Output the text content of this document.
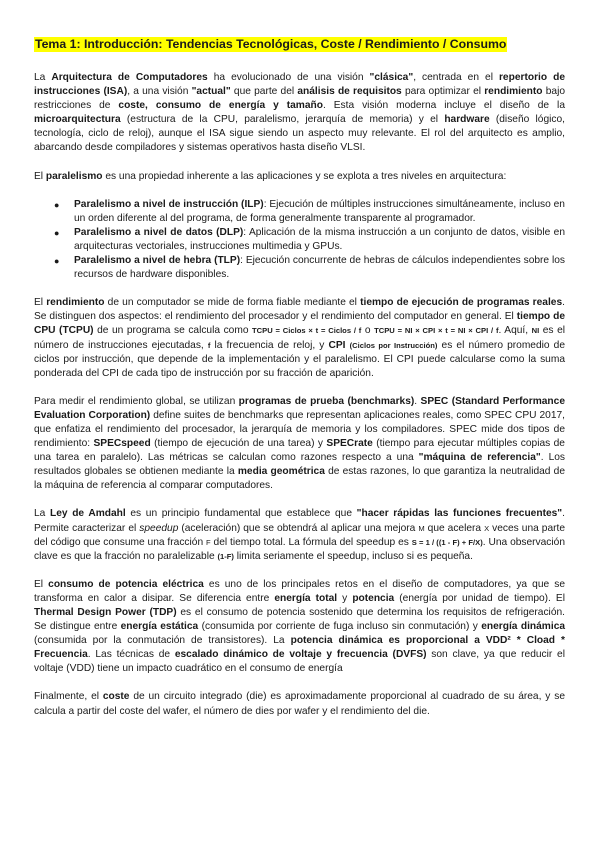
Tema 1: Introducción: Tendencias Tecnológicas, Coste / Rendimiento / Consumo

La Arquitectura de Computadores ha evolucionado de una visión "clásica", centrada en el repertorio de instrucciones (ISA), a una visión "actual" que parte del análisis de requisitos para optimizar el rendimiento bajo restricciones de coste, consumo de energía y tamaño. Esta visión moderna incluye el diseño de la microarquitectura (estructura de la CPU, paralelismo, jerarquía de memoria) y el hardware (diseño lógico, tecnología, ciclo de reloj), aunque el ISA sigue siendo un aspecto muy relevante. El rol del arquitecto es amplio, abarcando desde compiladores y sistemas operativos hasta diseño VLSI.

El paralelismo es una propiedad inherente a las aplicaciones y se explota a tres niveles en arquitectura:

● Paralelismo a nivel de instrucción (ILP): Ejecución de múltiples instrucciones simultáneamente, incluso en un orden diferente al del programa, de forma generalmente transparente al programador.
● Paralelismo a nivel de datos (DLP): Aplicación de la misma instrucción a un conjunto de datos, visible en arquitecturas vectoriales, instrucciones multimedia y GPUs.
● Paralelismo a nivel de hebra (TLP): Ejecución concurrente de hebras de cálculos independientes sobre los recursos de hardware disponibles.

El rendimiento de un computador se mide de forma fiable mediante el tiempo de ejecución de programas reales. Se distinguen dos aspectos: el rendimiento del procesador y el rendimiento del computador en general. El tiempo de CPU (TCPU) de un programa se calcula como TCPU = Ciclos × t = Ciclos / f o TCPU = NI × CPI × t = NI × CPI / f. Aquí, NI es el número de instrucciones ejecutadas, f la frecuencia de reloj, y CPI (Ciclos por Instrucción) es el número promedio de ciclos por instrucción, que depende de la implementación y el paralelismo. El CPI puede calcularse como la suma ponderada del CPI de cada tipo de instrucción por su fracción de aparición.

Para medir el rendimiento global, se utilizan programas de prueba (benchmarks). SPEC (Standard Performance Evaluation Corporation) define suites de benchmarks que representan aplicaciones reales, como SPEC CPU 2017, que enfatiza el rendimiento del procesador, la jerarquía de memoria y los compiladores. SPEC mide dos tipos de rendimiento: SPECspeed (tiempo de ejecución de una tarea) y SPECrate (tiempo para ejecutar múltiples copias de una tarea en paralelo). Las métricas se calculan como razones respecto a una "máquina de referencia". Los resultados globales se obtienen mediante la media geométrica de estas razones, lo que garantiza la neutralidad de la máquina de referencia al comparar computadores.

La Ley de Amdahl es un principio fundamental que establece que "hacer rápidas las funciones frecuentes". Permite caracterizar el speedup (aceleración) que se obtendrá al aplicar una mejora M que acelera X veces una parte del código que consume una fracción F del tiempo total. La fórmula del speedup es S = 1 / ((1 - F) + F/X). Una observación clave es que la fracción no paralelizable (1-F) limita seriamente el speedup, incluso si es pequeña.

El consumo de potencia eléctrica es uno de los principales retos en el diseño de computadores, ya que se transforma en calor a disipar. Se diferencia entre energía total y potencia (energía por unidad de tiempo). El Thermal Design Power (TDP) es el consumo de potencia sostenido que determina los requisitos de refrigeración. Se distingue entre energía estática (consumida por corriente de fuga incluso sin conmutación) y energía dinámica (consumida por la conmutación de transistores). La potencia dinámica es proporcional a VDD² * Cload * Frecuencia. Las técnicas de escalado dinámico de voltaje y frecuencia (DVFS) son clave, ya que reducir el voltaje (VDD) tiene un impacto cuadrático en el consumo de energía

Finalmente, el coste de un circuito integrado (die) es aproximadamente proporcional al cuadrado de su área, y se calcula a partir del coste del wafer, el número de dies por wafer y el rendimiento del die.
